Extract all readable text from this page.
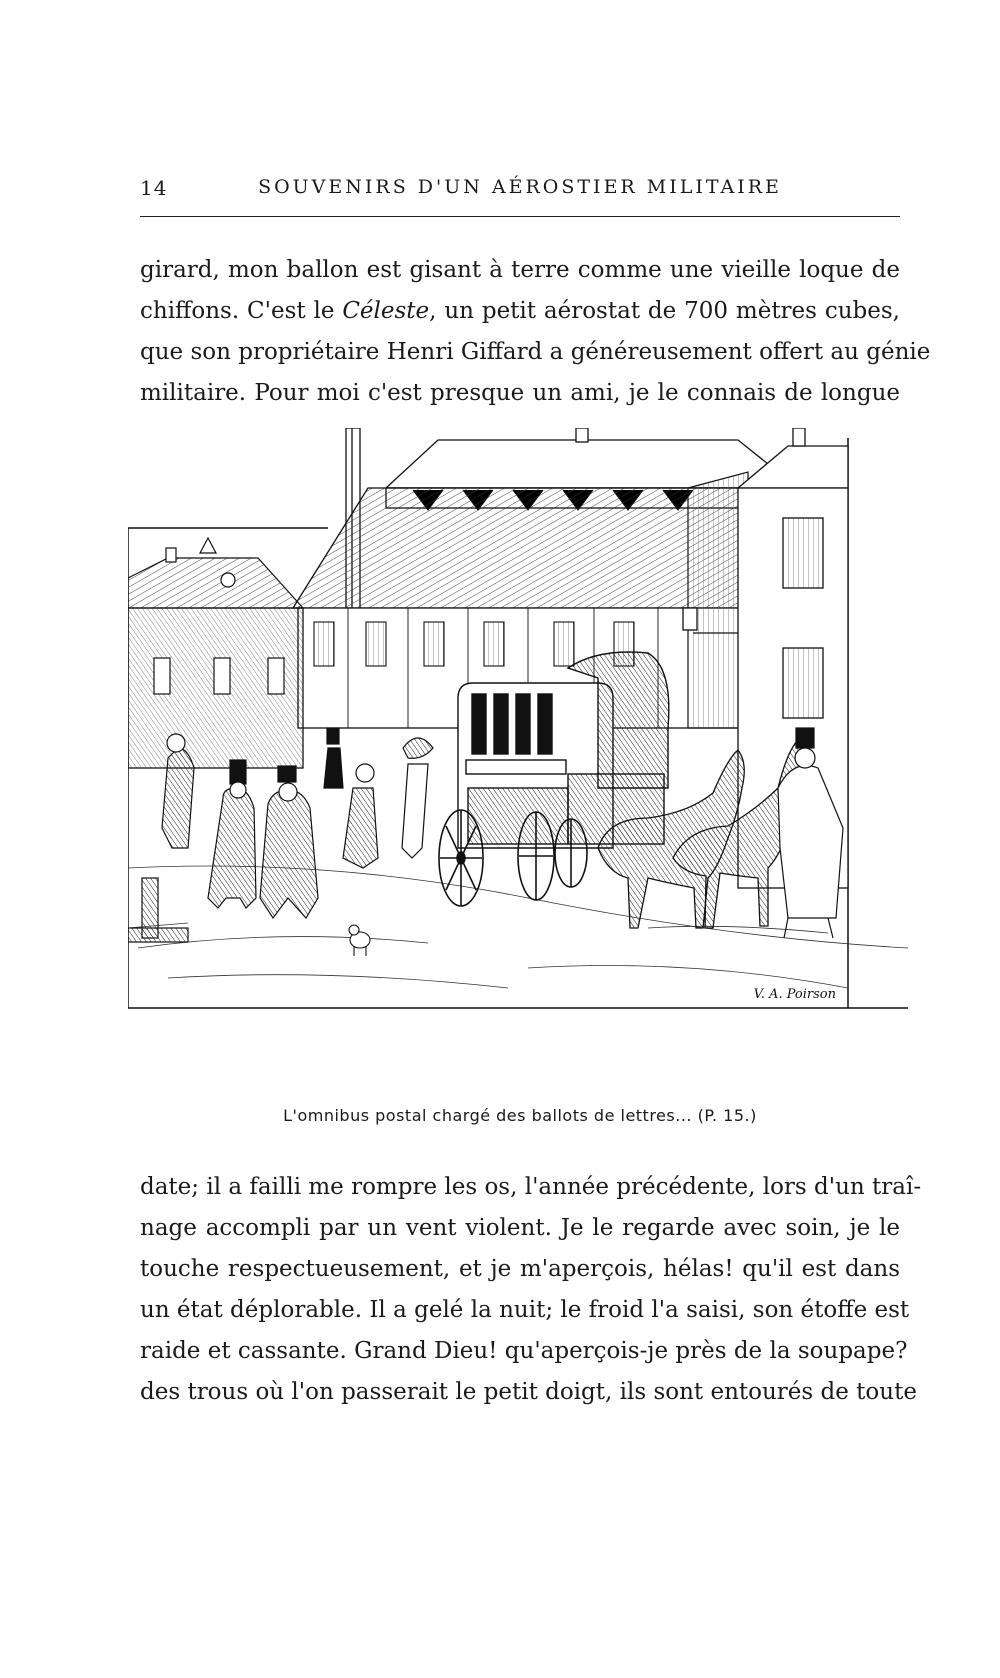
14	SOUVENIRS D'UN AÉROSTIER MILITAIRE

girard, mon ballon est gisant à terre comme une vieille loque de
chiffons. C'est le Céleste, un petit aérostat de 700 mètres cubes,
que son propriétaire Henri Giffard a généreusement offert au génie
militaire. Pour moi c'est presque un ami, je le connais de longue

V. A. Poirson
L'omnibus postal chargé des ballots de lettres... (P. 15.)

date; il a failli me rompre les os, l'année précédente, lors d'un traî-
nage accompli par un vent violent. Je le regarde avec soin, je le
touche respectueusement, et je m'aperçois, hélas! qu'il est dans
un état déplorable. Il a gelé la nuit; le froid l'a saisi, son étoffe est
raide et cassante. Grand Dieu! qu'aperçois-je près de la soupape?
des trous où l'on passerait le petit doigt, ils sont entourés de toute
